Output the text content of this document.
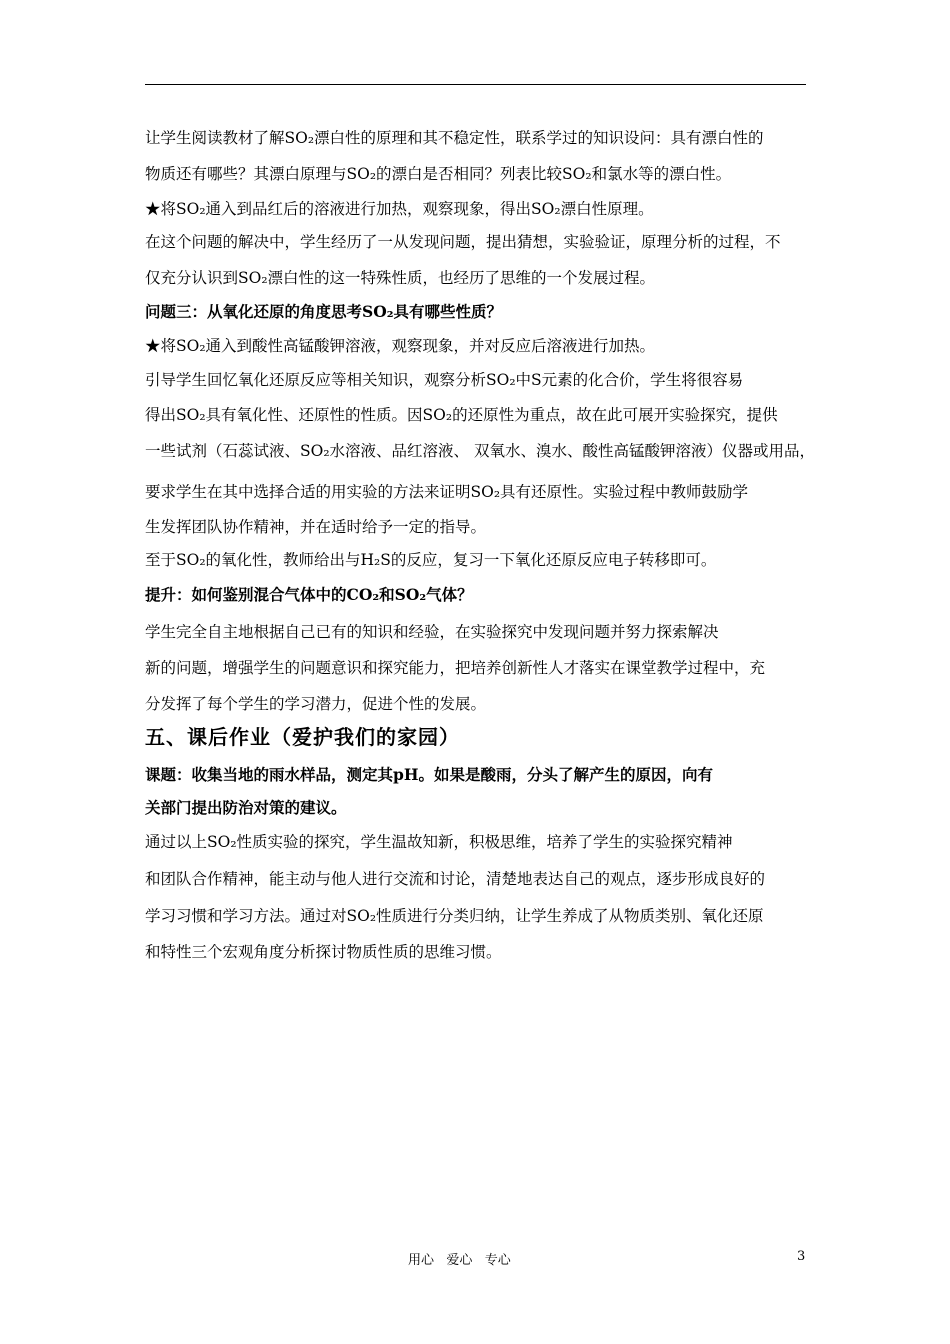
让学生阅读教材了解SO₂漂白性的原理和其不稳定性，联系学过的知识设问：具有漂白性的
物质还有哪些？其漂白原理与SO₂的漂白是否相同？列表比较SO₂和氯水等的漂白性。
★将SO₂通入到品红后的溶液进行加热，观察现象，得出SO₂漂白性原理。
在这个问题的解决中，学生经历了一从发现问题，提出猜想，实验验证，原理分析的过程，不
仅充分认识到SO₂漂白性的这一特殊性质，也经历了思维的一个发展过程。
问题三：从氧化还原的角度思考SO₂具有哪些性质？
★将SO₂通入到酸性高锰酸钾溶液，观察现象，并对反应后溶液进行加热。
引导学生回忆氧化还原反应等相关知识，观察分析SO₂中S元素的化合价，学生将很容易
得出SO₂具有氧化性、还原性的性质。因SO₂的还原性为重点，故在此可展开实验探究，提供
一些试剂（石蕊试液、SO₂水溶液、品红溶液、 双氧水、溴水、酸性高锰酸钾溶液）仪器或用品，
要求学生在其中选择合适的用实验的方法来证明SO₂具有还原性。实验过程中教师鼓励学
生发挥团队协作精神，并在适时给予一定的指导。
至于SO₂的氧化性，教师给出与H₂S的反应，复习一下氧化还原反应电子转移即可。
提升：如何鉴别混合气体中的CO₂和SO₂气体？
学生完全自主地根据自己已有的知识和经验，在实验探究中发现问题并努力探索解决
新的问题，增强学生的问题意识和探究能力，把培养创新性人才落实在课堂教学过程中，充
分发挥了每个学生的学习潜力，促进个性的发展。
五、课后作业（爱护我们的家园）
课题：收集当地的雨水样品，测定其pH。如果是酸雨，分头了解产生的原因，向有
关部门提出防治对策的建议。
通过以上SO₂性质实验的探究，学生温故知新，积极思维，培养了学生的实验探究精神
和团队合作精神，能主动与他人进行交流和讨论，清楚地表达自己的观点，逐步形成良好的
学习习惯和学习方法。通过对SO₂性质进行分类归纳，让学生养成了从物质类别、氧化还原
和特性三个宏观角度分析探讨物质性质的思维习惯。
用心   爱心   专心	3
